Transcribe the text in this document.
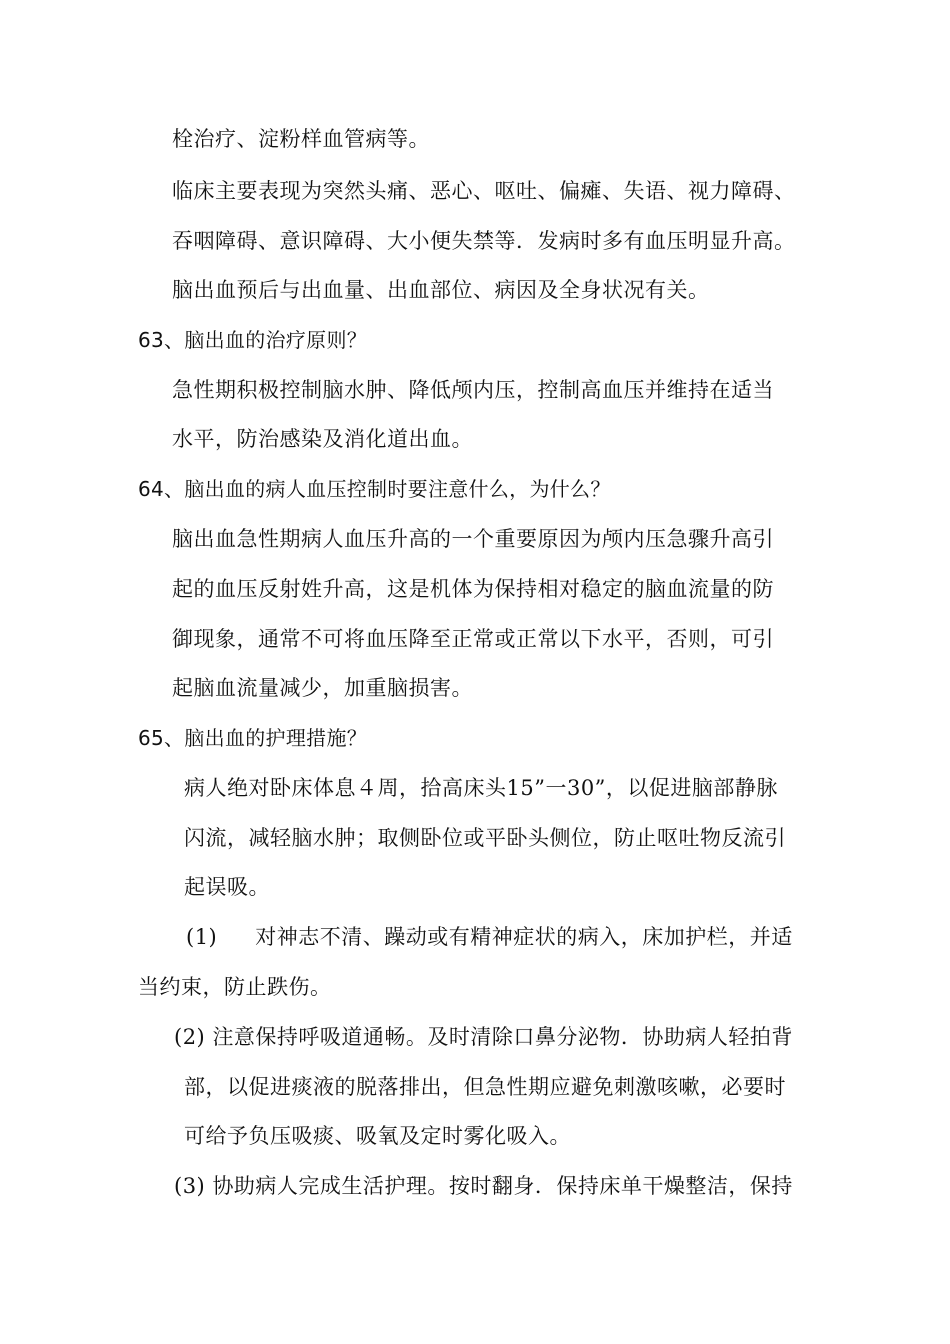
栓治疗、淀粉样血管病等。
临床主要表现为突然头痛、恶心、呕吐、偏瘫、失语、视力障碍、
吞咽障碍、意识障碍、大小便失禁等．发病时多有血压明显升高。
脑出血预后与出血量、出血部位、病因及全身状况有关。
63、脑出血的治疗原则？
急性期积极控制脑水肿、降低颅内压，控制高血压并维持在适当
水平，防治感染及消化道出血。
64、脑出血的病人血压控制时要注意什么，为什么？
脑出血急性期病人血压升高的一个重要原因为颅内压急骤升高引
起的血压反射姓升高，这是机体为保持相对稳定的脑血流量的防
御现象，通常不可将血压降至正常或正常以下水平，否则，可引
起脑血流量减少，加重脑损害。
65、脑出血的护理措施？
病人绝对卧床体息４周，拾高床头15”一30”，以促进脑部静脉
闪流，减轻脑水肿；取侧卧位或平卧头侧位，防止呕吐物反流引
起误吸。
(1) 对神志不清、躁动或有精神症状的病入，床加护栏，并适
当约束，防止跌伤。
(2) 注意保持呼吸道通畅。及时清除口鼻分泌物．协助病人轻拍背
部，以促进痰液的脱落排出，但急性期应避免刺激咳嗽，必要时
可给予负压吸痰、吸氧及定时雾化吸入。
(3) 协助病人完成生活护理。按时翻身．保持床单干燥整洁，保持
